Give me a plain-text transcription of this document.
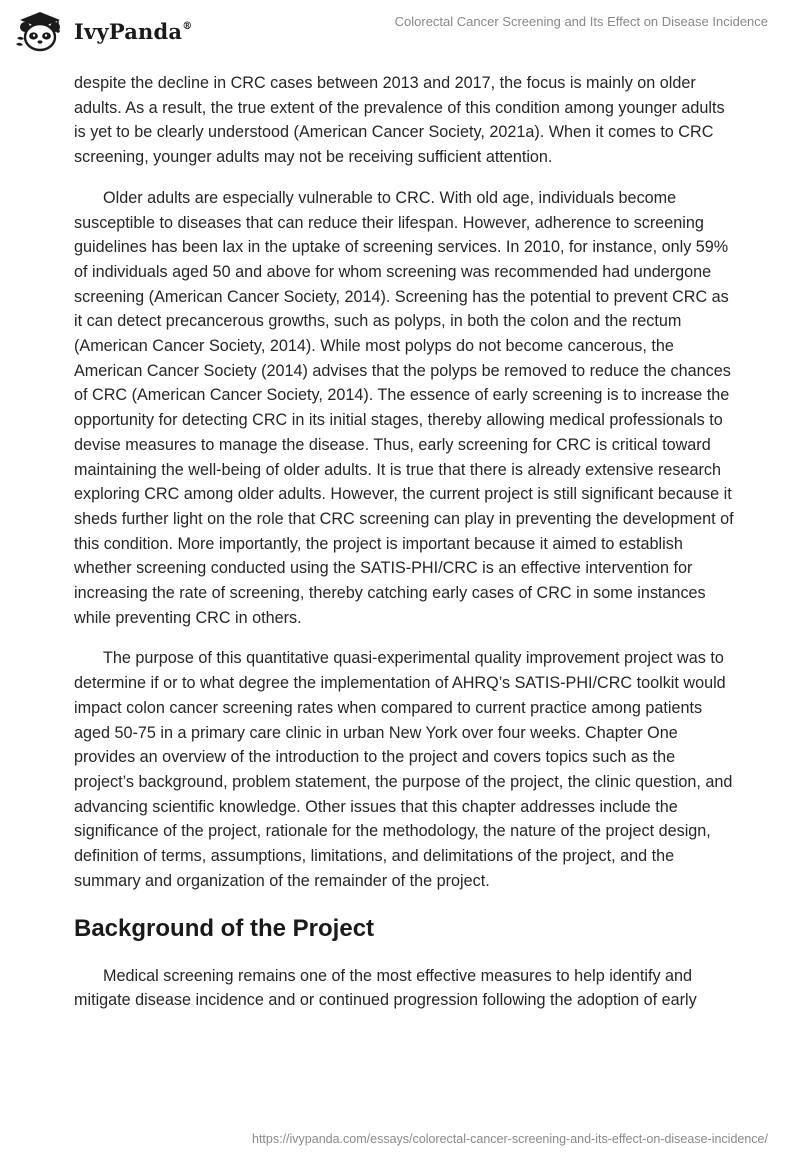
IvyPanda®	Colorectal Cancer Screening and Its Effect on Disease Incidence

despite the decline in CRC cases between 2013 and 2017, the focus is mainly on older adults. As a result, the true extent of the prevalence of this condition among younger adults is yet to be clearly understood (American Cancer Society, 2021a). When it comes to CRC screening, younger adults may not be receiving sufficient attention.

Older adults are especially vulnerable to CRC. With old age, individuals become susceptible to diseases that can reduce their lifespan. However, adherence to screening guidelines has been lax in the uptake of screening services. In 2010, for instance, only 59% of individuals aged 50 and above for whom screening was recommended had undergone screening (American Cancer Society, 2014). Screening has the potential to prevent CRC as it can detect precancerous growths, such as polyps, in both the colon and the rectum (American Cancer Society, 2014). While most polyps do not become cancerous, the American Cancer Society (2014) advises that the polyps be removed to reduce the chances of CRC (American Cancer Society, 2014). The essence of early screening is to increase the opportunity for detecting CRC in its initial stages, thereby allowing medical professionals to devise measures to manage the disease. Thus, early screening for CRC is critical toward maintaining the well-being of older adults. It is true that there is already extensive research exploring CRC among older adults. However, the current project is still significant because it sheds further light on the role that CRC screening can play in preventing the development of this condition. More importantly, the project is important because it aimed to establish whether screening conducted using the SATIS-PHI/CRC is an effective intervention for increasing the rate of screening, thereby catching early cases of CRC in some instances while preventing CRC in others.

The purpose of this quantitative quasi-experimental quality improvement project was to determine if or to what degree the implementation of AHRQ’s SATIS-PHI/CRC toolkit would impact colon cancer screening rates when compared to current practice among patients aged 50-75 in a primary care clinic in urban New York over four weeks. Chapter One provides an overview of the introduction to the project and covers topics such as the project’s background, problem statement, the purpose of the project, the clinic question, and advancing scientific knowledge. Other issues that this chapter addresses include the significance of the project, rationale for the methodology, the nature of the project design, definition of terms, assumptions, limitations, and delimitations of the project, and the summary and organization of the remainder of the project.

Background of the Project

Medical screening remains one of the most effective measures to help identify and mitigate disease incidence and or continued progression following the adoption of early

https://ivypanda.com/essays/colorectal-cancer-screening-and-its-effect-on-disease-incidence/
